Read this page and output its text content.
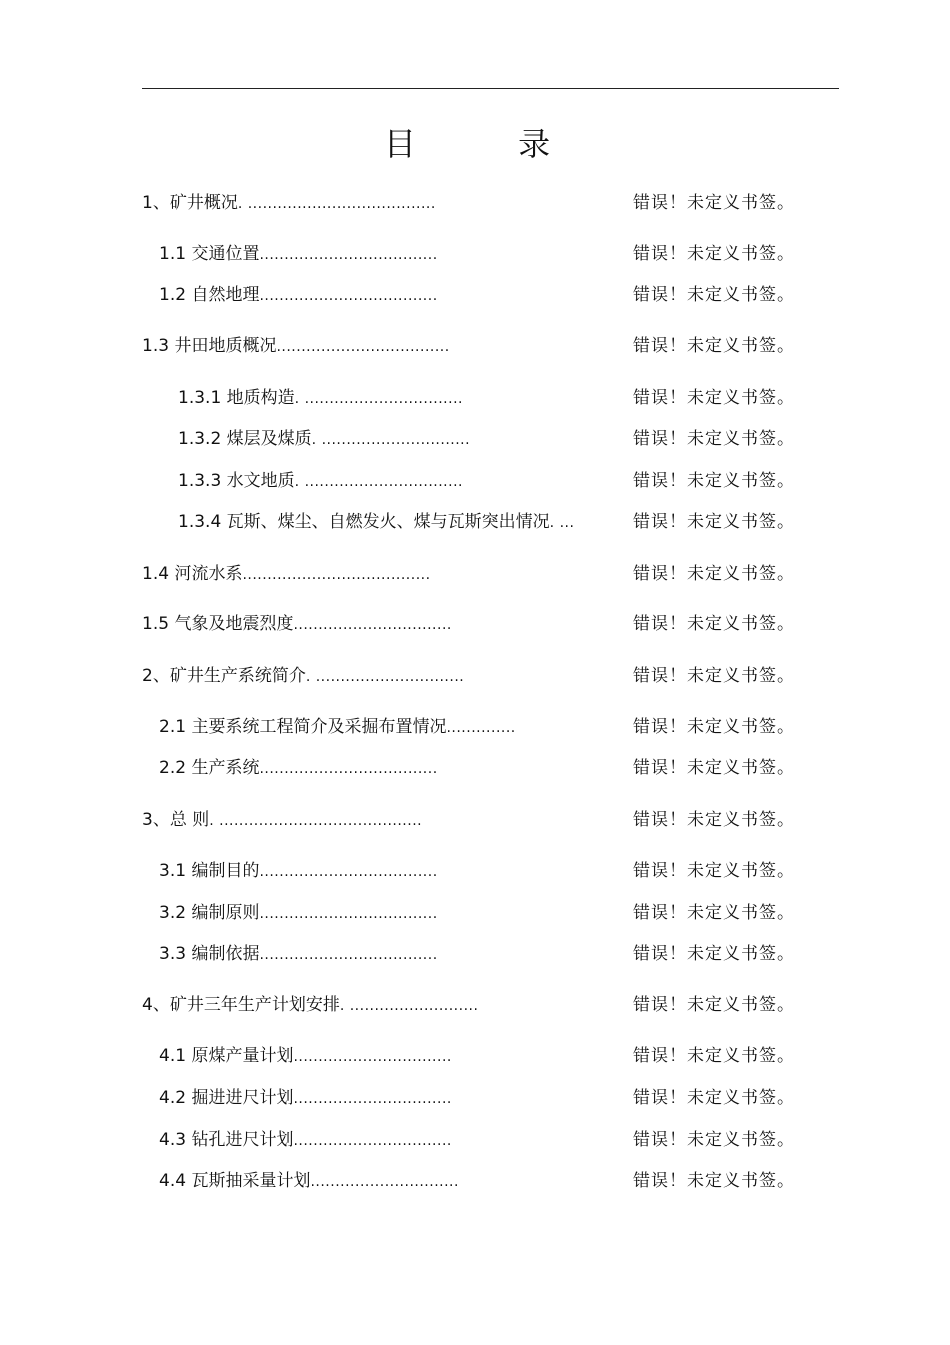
目 录
1、矿井概况. ......................................	错误！未定义书签。
1.1 交通位置....................................	错误！未定义书签。
1.2 自然地理....................................	错误！未定义书签。
1.3 井田地质概况...................................	错误！未定义书签。
1.3.1 地质构造. ................................	错误！未定义书签。
1.3.2 煤层及煤质. ..............................	错误！未定义书签。
1.3.3 水文地质. ................................	错误！未定义书签。
1.3.4 瓦斯、煤尘、自燃发火、煤与瓦斯突出情况. ...	错误！未定义书签。
1.4 河流水系......................................	错误！未定义书签。
1.5 气象及地震烈度................................	错误！未定义书签。
2、矿井生产系统简介. ..............................	错误！未定义书签。
2.1 主要系统工程简介及采掘布置情况..............	错误！未定义书签。
2.2 生产系统....................................	错误！未定义书签。
3、总 则. .........................................	错误！未定义书签。
3.1 编制目的....................................	错误！未定义书签。
3.2 编制原则....................................	错误！未定义书签。
3.3 编制依据....................................	错误！未定义书签。
4、矿井三年生产计划安排. ..........................	错误！未定义书签。
4.1 原煤产量计划................................	错误！未定义书签。
4.2 掘进进尺计划................................	错误！未定义书签。
4.3 钻孔进尺计划................................	错误！未定义书签。
4.4 瓦斯抽采量计划..............................	错误！未定义书签。
